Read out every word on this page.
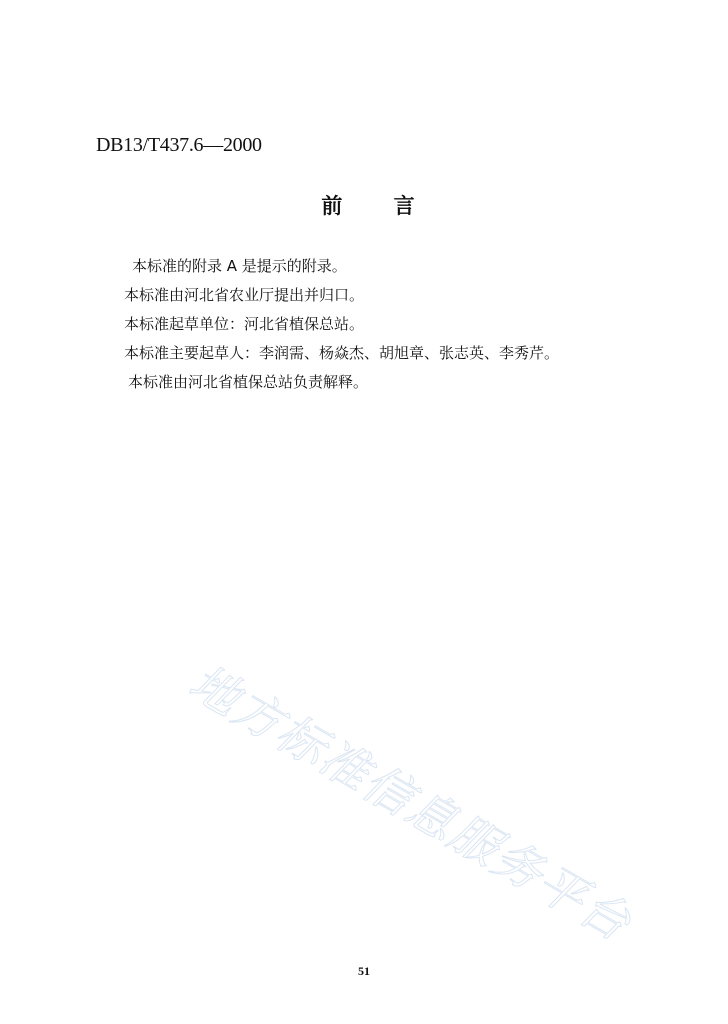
DB13/T437.6—2000
前 言
本标准的附录 A 是提示的附录。
本标准由河北省农业厅提出并归口。
本标准起草单位：河北省植保总站。
本标准主要起草人：李润需、杨焱杰、胡旭章、张志英、李秀芹。
本标准由河北省植保总站负责解释。
地方标准信息服务平台
51
